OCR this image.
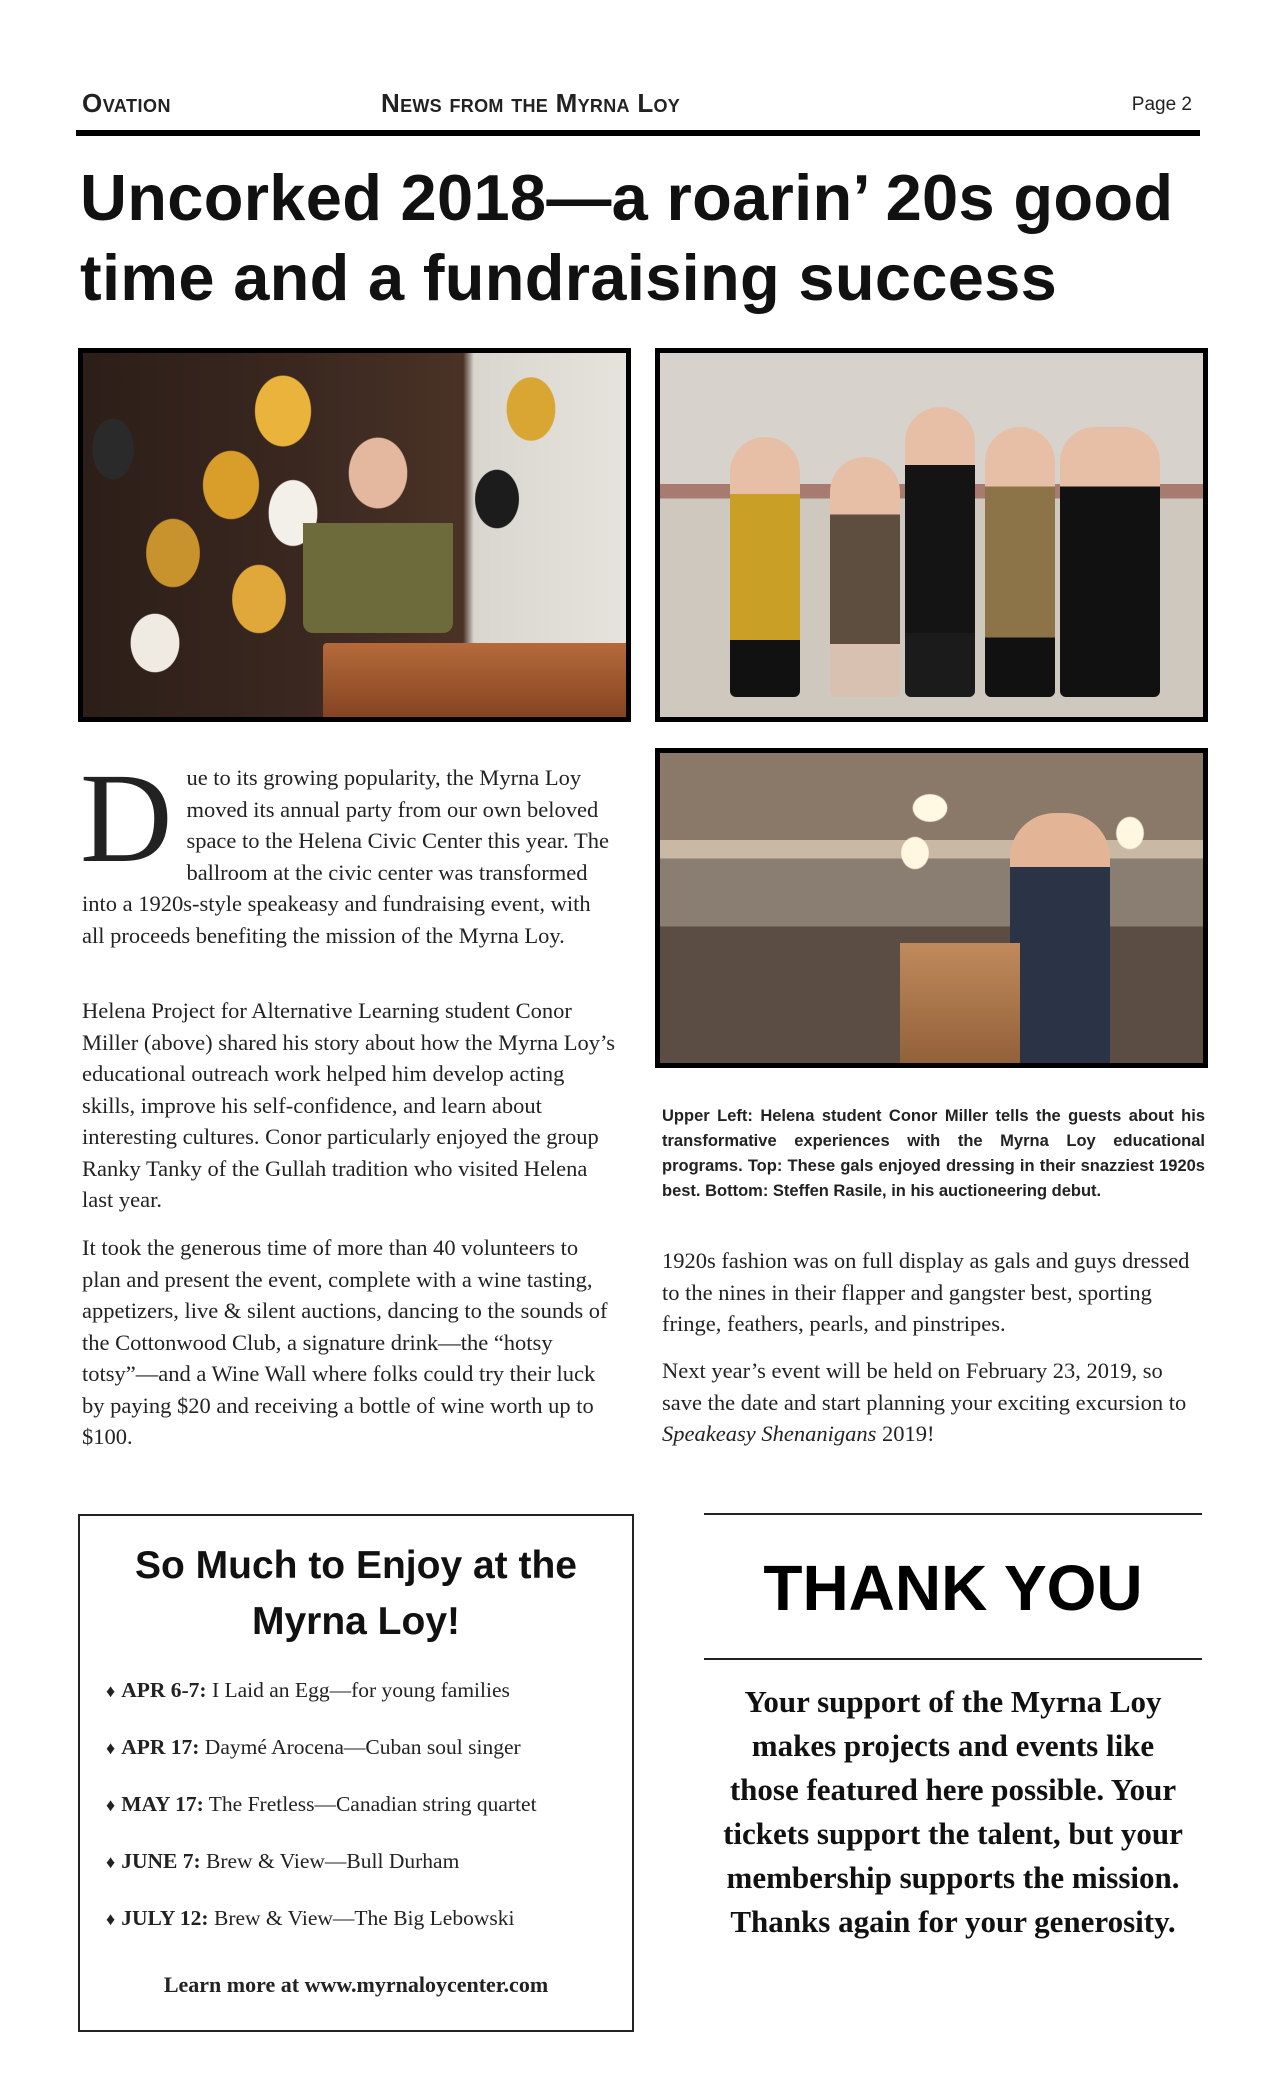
Ovation	News from the Myrna Loy	Page 2
Uncorked 2018—a roarin’ 20s good time and a fundraising success

Due to its growing popularity, the Myrna Loy moved its annual party from our own beloved space to the Helena Civic Center this year. The ballroom at the civic center was transformed into a 1920s-style speakeasy and fundraising event, with all proceeds benefiting the mission of the Myrna Loy.

Helena Project for Alternative Learning student Conor Miller (above) shared his story about how the Myrna Loy’s educational outreach work helped him develop acting skills, improve his self-confidence, and learn about interesting cultures. Conor particularly enjoyed the group Ranky Tanky of the Gullah tradition who visited Helena last year.

It took the generous time of more than 40 volunteers to plan and present the event, complete with a wine tasting, appetizers, live & silent auctions, dancing to the sounds of the Cottonwood Club, a signature drink—the “hotsy totsy”—and a Wine Wall where folks could try their luck by paying $20 and receiving a bottle of wine worth up to $100.

Upper Left: Helena student Conor Miller tells the guests about his transformative experiences with the Myrna Loy educational programs. Top: These gals enjoyed dressing in their snazziest 1920s best. Bottom: Steffen Rasile, in his auctioneering debut.

1920s fashion was on full display as gals and guys dressed to the nines in their flapper and gangster best, sporting fringe, feathers, pearls, and pinstripes.

Next year’s event will be held on February 23, 2019, so save the date and start planning your exciting excursion to Speakeasy Shenanigans 2019!

So Much to Enjoy at the Myrna Loy!
♦ APR 6-7: I Laid an Egg—for young families
♦ APR 17: Daymé Arocena—Cuban soul singer
♦ MAY 17: The Fretless—Canadian string quartet
♦ JUNE 7: Brew & View—Bull Durham
♦ JULY 12: Brew & View—The Big Lebowski
Learn more at www.myrnaloycenter.com
THANK YOU

Your support of the Myrna Loy makes projects and events like those featured here possible. Your tickets support the talent, but your membership supports the mission. Thanks again for your generosity.
